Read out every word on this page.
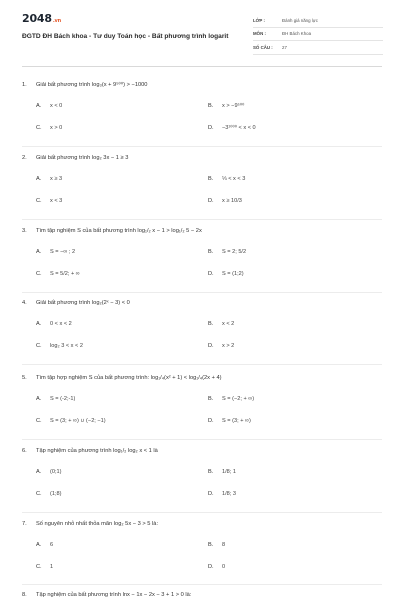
2048.vn
ĐGTD ĐH Bách khoa - Tư duy Toán học - Bất phương trình logarit
LỚP :	Đánh giá năng lực
MÔN :	ĐH Bách Khoa
SỐ CÂU :	27
1.	Giải bất phương trình log₃(x + 9⁵⁰⁰) > −1000
A.	x < 0	B.	x > −9⁵⁰⁰
C.	x > 0	D.	−3¹⁰⁰⁰ < x < 0
2.	Giải bất phương trình log₂ 3x − 1 ≥ 3
A.	x ≥ 3	B.	⅓ < x < 3
C.	x < 3	D.	x ≥ 10/3
3.	Tìm tập nghiệm S của bất phương trình log₁/₂ x − 1 > log₁/₂ 5 − 2x
A.	S = −∞ ; 2	B.	S = 2; 5/2
C.	S = 5/2; + ∞	D.	S = (1;2)
4.	Giải bất phương trình log₂(2ˣ − 3) < 0
A.	0 < x < 2	B.	x < 2
C.	log₂ 3 < x < 2	D.	x > 2
5.	Tìm tập hợp nghiệm S của bất phương trình: log₁/₄(x² + 1) < log₁/₄(2x + 4)
A.	S = (-2;-1)	B.	S = (−2; + ∞)
C.	S = (3; + ∞) ∪ (−2; −1)	D.	S = (3; + ∞)
6.	Tập nghiệm của phương trình log₁/₂ log₂ x < 1 là
A.	(0;1)	B.	1/8; 1
C.	(1;8)	D.	1/8; 3
7.	Số nguyên nhỏ nhất thỏa mãn log₂ 5x − 3 > 5 là:
A.	6	B.	8
C.	1	D.	0
8.	Tập nghiệm của bất phương trình lnx − 1x − 2x − 3 + 1 > 0 là:
